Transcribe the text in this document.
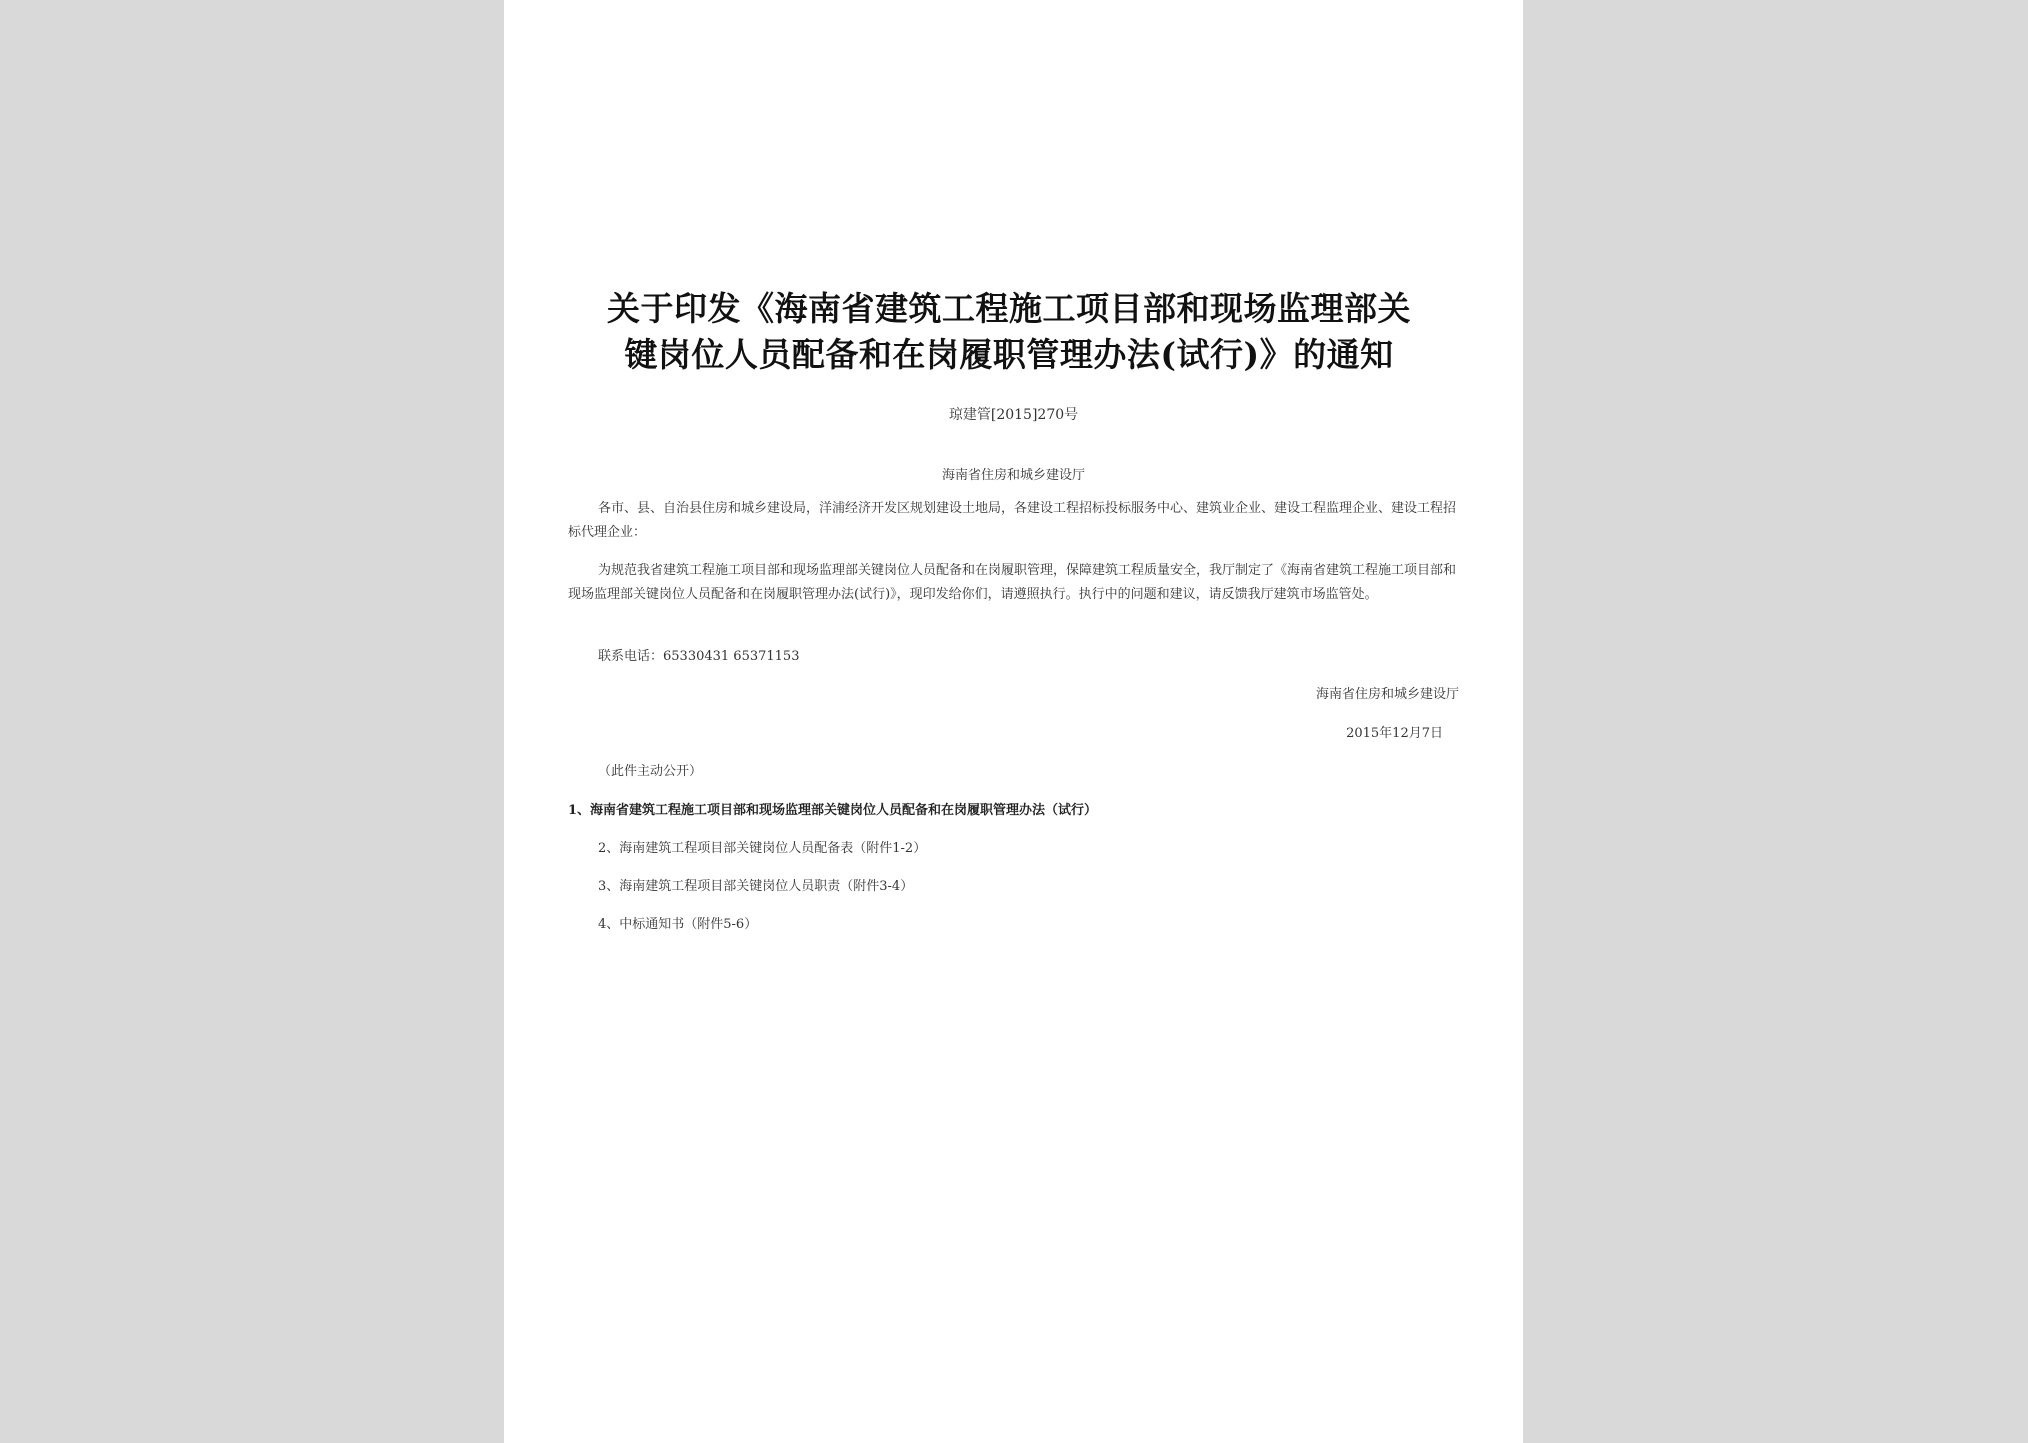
关于印发《海南省建筑工程施工项目部和现场监理部关
键岗位人员配备和在岗履职管理办法(试行)》的通知
琼建管[2015]270号
海南省住房和城乡建设厅
各市、县、自治县住房和城乡建设局，洋浦经济开发区规划建设土地局，各建设工程招标投标服务中心、建筑业企业、建设工程监理企业、建设工程招标代理企业：
为规范我省建筑工程施工项目部和现场监理部关键岗位人员配备和在岗履职管理，保障建筑工程质量安全，我厅制定了《海南省建筑工程施工项目部和现场监理部关键岗位人员配备和在岗履职管理办法(试行)》，现印发给你们，请遵照执行。执行中的问题和建议，请反馈我厅建筑市场监管处。
联系电话：65330431 65371153
海南省住房和城乡建设厅
2015年12月7日
（此件主动公开）
1、海南省建筑工程施工项目部和现场监理部关键岗位人员配备和在岗履职管理办法（试行）
2、海南建筑工程项目部关键岗位人员配备表（附件1-2）
3、海南建筑工程项目部关键岗位人员职责（附件3-4）
4、中标通知书（附件5-6）
